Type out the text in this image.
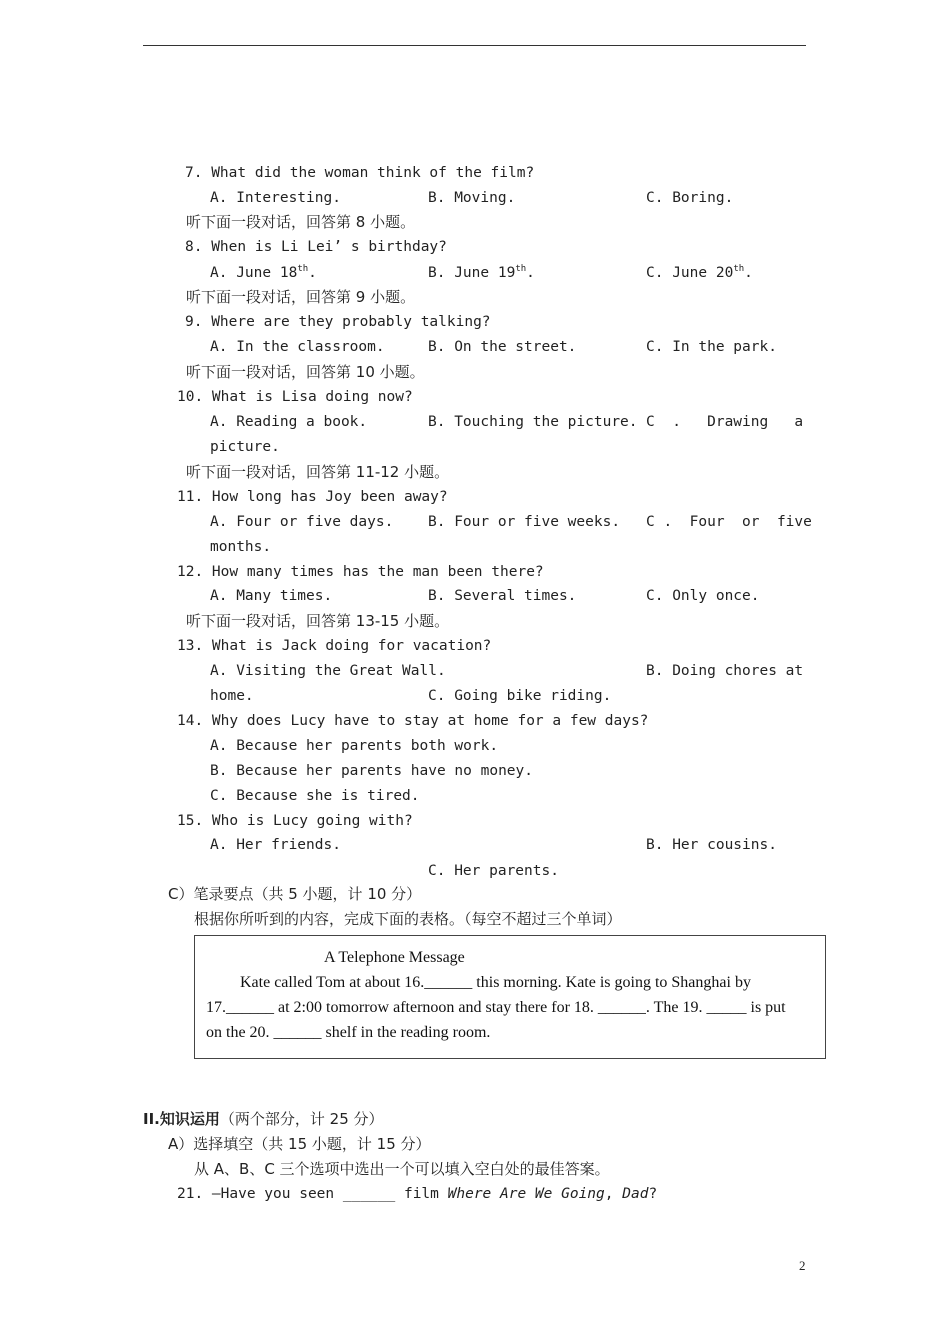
7. What did the woman think of the film?
A. Interesting.	B. Moving.	C. Boring.
听下面一段对话，回答第 8 小题。
8. When is Li Lei’ s birthday?
A. June 18th.	B. June 19th.	C. June 20th.
听下面一段对话，回答第 9 小题。
9. Where are they probably talking?
A. In the classroom.	B. On the street.	C. In the park.
听下面一段对话，回答第 10 小题。
10. What is Lisa doing now?
A. Reading a book.	B. Touching the picture. C  .   Drawing   a
picture.
听下面一段对话，回答第 11-12 小题。
11. How long has Joy been away?
A. Four or five days. B. Four or five weeks. C .  Four  or  five
months.
12. How many times has the man been there?
A. Many times.	B. Several times.	C. Only once.
听下面一段对话，回答第 13-15 小题。
13. What is Jack doing for vacation?
A. Visiting the Great Wall.	B. Doing chores at
home.	C. Going bike riding.
14. Why does Lucy have to stay at home for a few days?
A. Because her parents both work.
B. Because her parents have no money.
C. Because she is tired.
15. Who is Lucy going with?
A. Her friends.	B. Her cousins.
C. Her parents.
C）笔录要点（共 5 小题，计 10 分）
根据你所听到的内容，完成下面的表格。（每空不超过三个单词）
A Telephone Message
Kate called Tom at about 16.______ this morning. Kate is going to Shanghai by
17.______ at 2:00 tomorrow afternoon and stay there for 18. ______. The 19. _____ is put
on the 20. ______ shelf in the reading room.
II.知识运用（两个部分，计 25 分）
A）选择填空（共 15 小题，计 15 分）
从 A、B、C 三个选项中选出一个可以填入空白处的最佳答案。
21. —Have you seen ______ film Where Are We Going, Dad?
2
